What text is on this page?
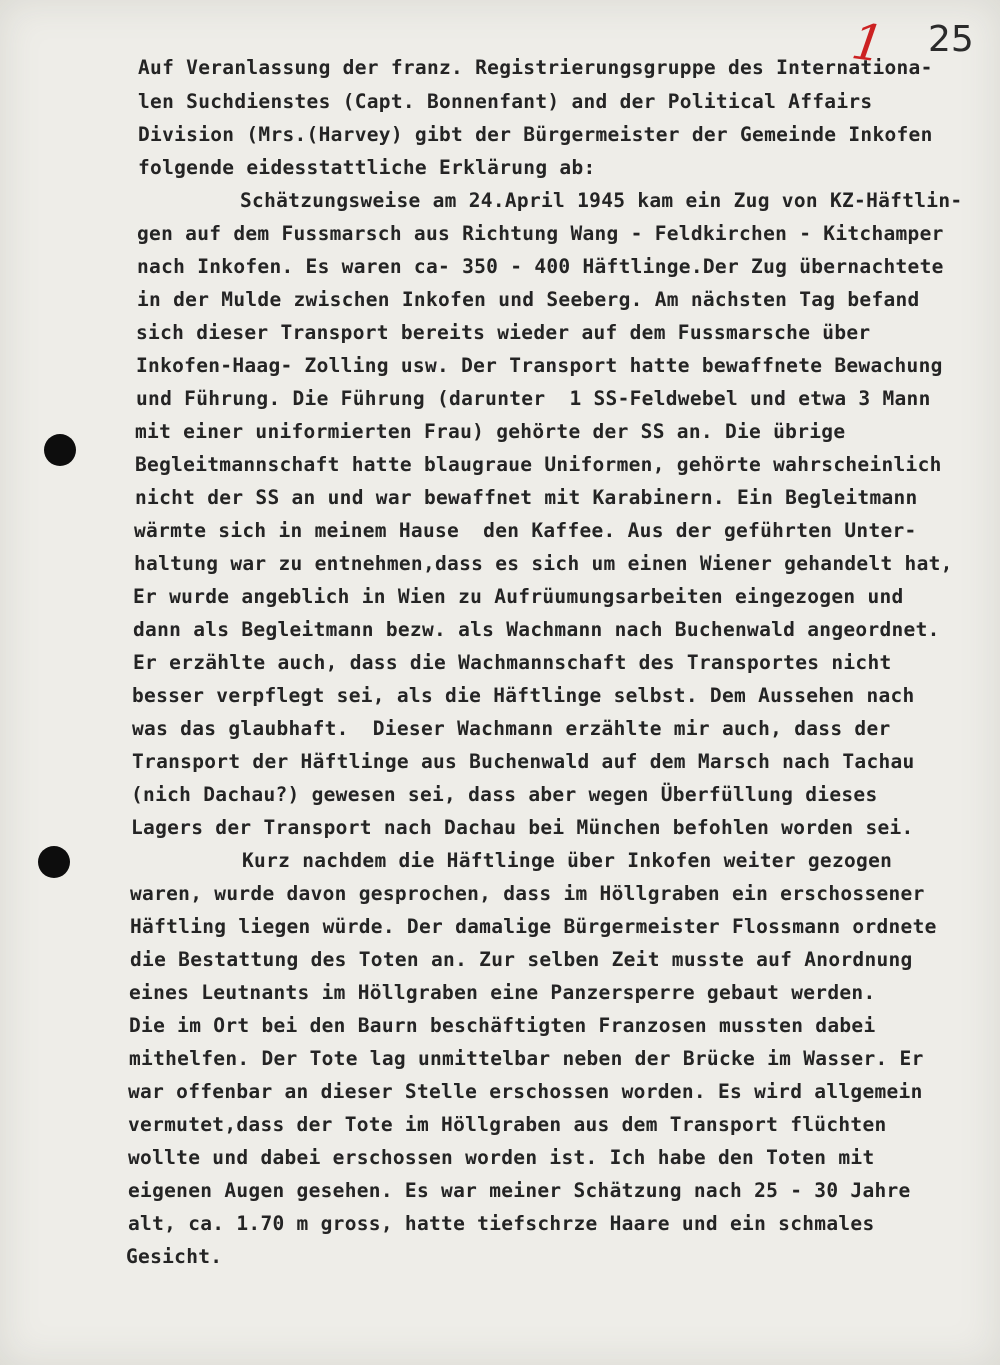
1 25
Auf Veranlassung der franz. Registrierungsgruppe des Internationa-
len Suchdienstes (Capt. Bonnenfant) and der Political Affairs
Division (Mrs.(Harvey) gibt der Bürgermeister der Gemeinde Inkofen
folgende eidesstattliche Erklärung ab:
Schätzungsweise am 24.April 1945 kam ein Zug von KZ-Häftlin-
gen auf dem Fussmarsch aus Richtung Wang - Feldkirchen - Kitchamper
nach Inkofen. Es waren ca- 350 - 400 Häftlinge.Der Zug übernachtete
in der Mulde zwischen Inkofen und Seeberg. Am nächsten Tag befand
sich dieser Transport bereits wieder auf dem Fussmarsche über
Inkofen-Haag- Zolling usw. Der Transport hatte bewaffnete Bewachung
und Führung. Die Führung (darunter  1 SS-Feldwebel und etwa 3 Mann
mit einer uniformierten Frau) gehörte der SS an. Die übrige
Begleitmannschaft hatte blaugraue Uniformen, gehörte wahrscheinlich
nicht der SS an und war bewaffnet mit Karabinern. Ein Begleitmann
wärmte sich in meinem Hause  den Kaffee. Aus der geführten Unter-
haltung war zu entnehmen,dass es sich um einen Wiener gehandelt hat,
Er wurde angeblich in Wien zu Aufrüumungsarbeiten eingezogen und
dann als Begleitmann bezw. als Wachmann nach Buchenwald angeordnet.
Er erzählte auch, dass die Wachmannschaft des Transportes nicht
besser verpflegt sei, als die Häftlinge selbst. Dem Aussehen nach
was das glaubhaft.  Dieser Wachmann erzählte mir auch, dass der
Transport der Häftlinge aus Buchenwald auf dem Marsch nach Tachau
(nich Dachau?) gewesen sei, dass aber wegen Überfüllung dieses
Lagers der Transport nach Dachau bei München befohlen worden sei.
Kurz nachdem die Häftlinge über Inkofen weiter gezogen
waren, wurde davon gesprochen, dass im Höllgraben ein erschossener
Häftling liegen würde. Der damalige Bürgermeister Flossmann ordnete
die Bestattung des Toten an. Zur selben Zeit musste auf Anordnung
eines Leutnants im Höllgraben eine Panzersperre gebaut werden.
Die im Ort bei den Baurn beschäftigten Franzosen mussten dabei
mithelfen. Der Tote lag unmittelbar neben der Brücke im Wasser. Er
war offenbar an dieser Stelle erschossen worden. Es wird allgemein
vermutet,dass der Tote im Höllgraben aus dem Transport flüchten
wollte und dabei erschossen worden ist. Ich habe den Toten mit
eigenen Augen gesehen. Es war meiner Schätzung nach 25 - 30 Jahre
alt, ca. 1.70 m gross, hatte tiefschrze Haare und ein schmales
Gesicht.
